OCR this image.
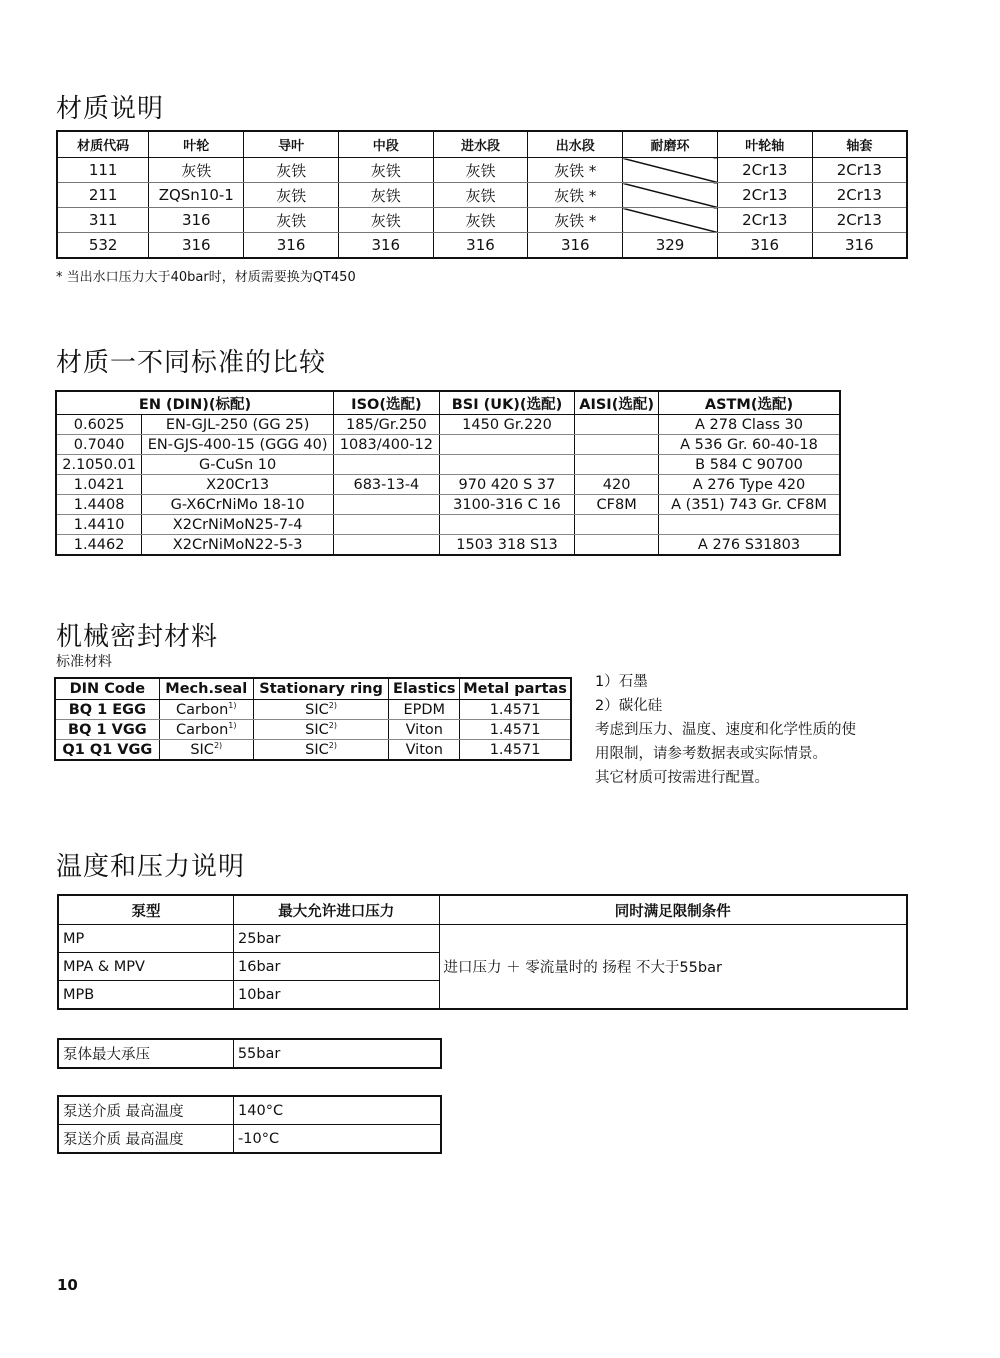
材质说明
材质代码	叶轮	导叶	中段	进水段	出水段	耐磨环	叶轮轴	轴套
111	灰铁	灰铁	灰铁	灰铁	灰铁 *		2Cr13	2Cr13
211	ZQSn10-1	灰铁	灰铁	灰铁	灰铁 *		2Cr13	2Cr13
311	316	灰铁	灰铁	灰铁	灰铁 *		2Cr13	2Cr13
532	316	316	316	316	316	329	316	316
* 当出水口压力大于40bar时，材质需要换为QT450
材质一不同标准的比较
EN (DIN)(标配)		ISO(选配)	BSI (UK)(选配)	AISI(选配)	ASTM(选配)
0.6025	EN-GJL-250 (GG 25)	185/Gr.250	1450 Gr.220		A 278 Class 30
0.7040	EN-GJS-400-15 (GGG 40)	1083/400-12			A 536 Gr. 60-40-18
2.1050.01	G-CuSn 10				B 584 C 90700
1.0421	X20Cr13	683-13-4	970 420 S 37	420	A 276 Type 420
1.4408	G-X6CrNiMo 18-10		3100-316 C 16	CF8M	A (351) 743 Gr. CF8M
1.4410	X2CrNiMoN25-7-4				
1.4462	X2CrNiMoN22-5-3		1503 318 S13		A 276 S31803
机械密封材料
标准材料
DIN Code	Mech.seal	Stationary ring	Elastics	Metal partas
BQ 1 EGG	Carbon$^{1)}$	SIC$^{2)}$	EPDM	1.4571
BQ 1 VGG	Carbon$^{1)}$	SIC$^{2)}$	Viton	1.4571
Q1 Q1 VGG	SIC$^{2)}$	SIC$^{2)}$	Viton	1.4571
1）石墨
2）碳化硅
考虑到压力、温度、速度和化学性质的使
用限制，请参考数据表或实际情景。
其它材质可按需进行配置。
温度和压力说明
泵型	最大允许进口压力	同时满足限制条件
MP	25bar	进口压力 ＋ 零流量时的 扬程 不大于55bar
MPA & MPV	16bar	
MPB	10bar	
泵体最大承压	55bar
泵送介质 最高温度	140°C
泵送介质 最高温度	-10°C
10
